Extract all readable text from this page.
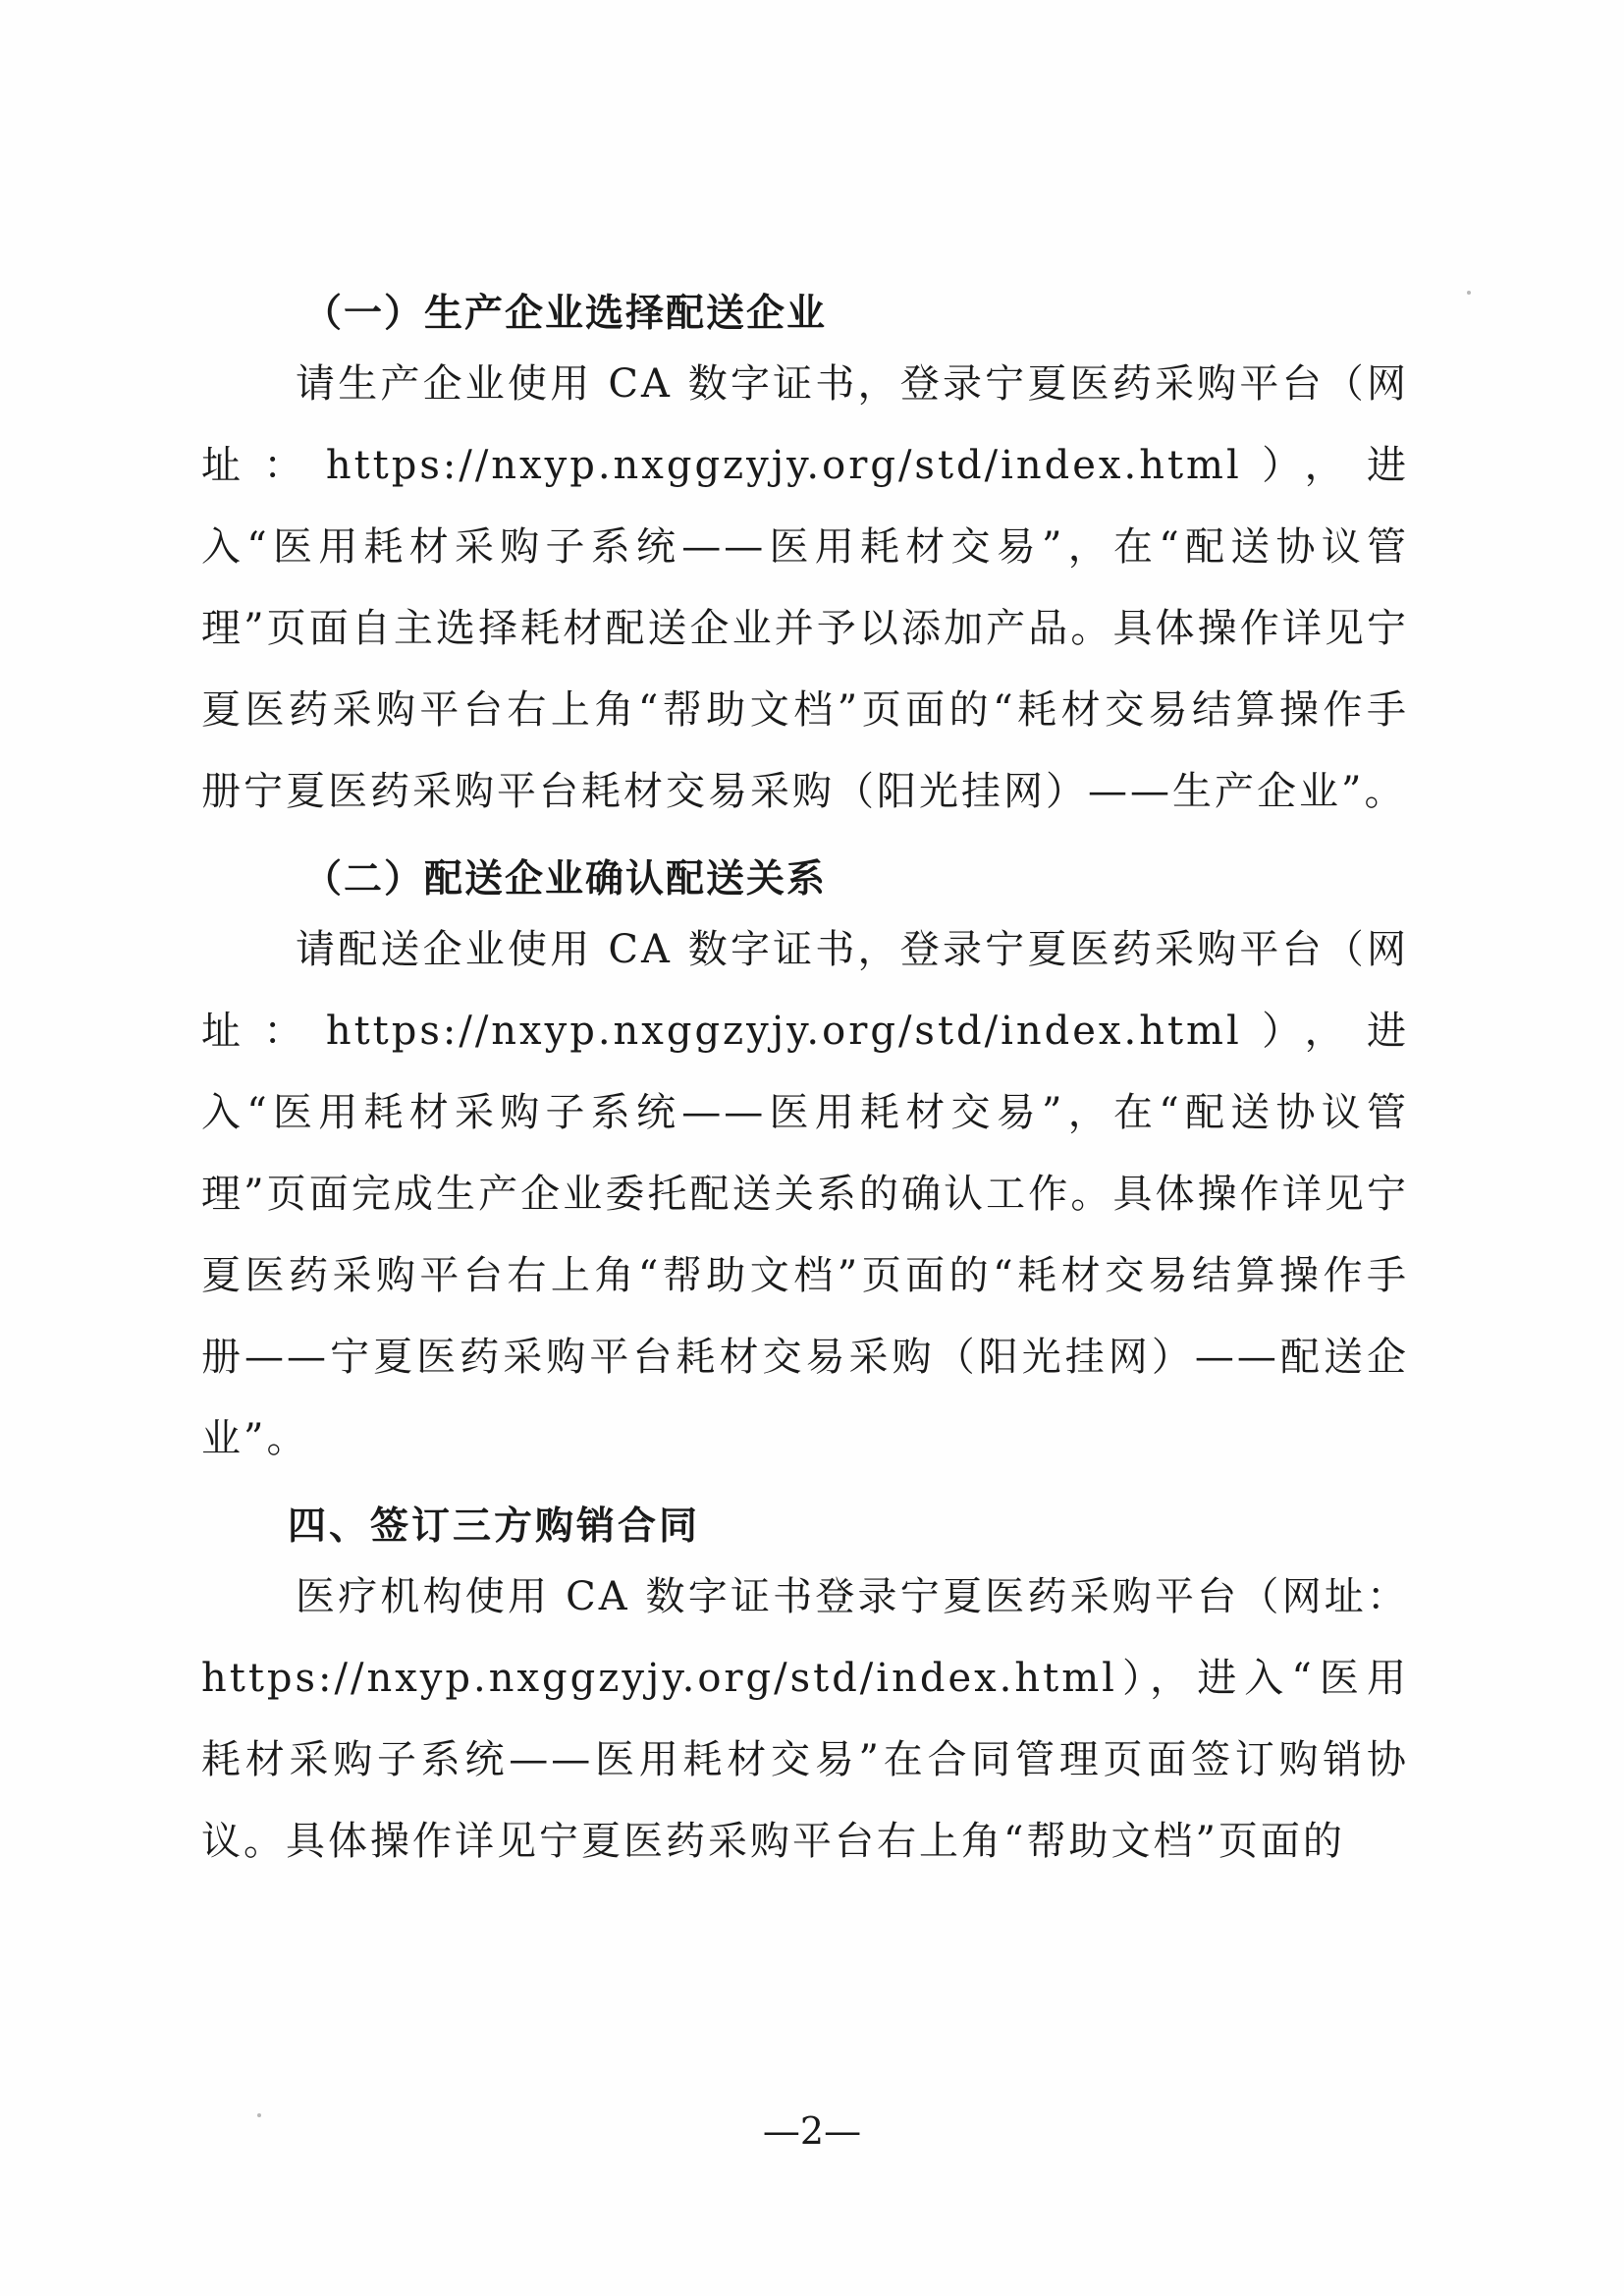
（一）生产企业选择配送企业

请生产企业使用 CA 数字证书，登录宁夏医药采购平台（网址：https://nxyp.nxggzyjy.org/std/index.html），进入“医用耗材采购子系统——医用耗材交易”，在“配送协议管理”页面自主选择耗材配送企业并予以添加产品。具体操作详见宁夏医药采购平台右上角“帮助文档”页面的“耗材交易结算操作手册宁夏医药采购平台耗材交易采购（阳光挂网）——生产企业”。

（二）配送企业确认配送关系

请配送企业使用 CA 数字证书，登录宁夏医药采购平台（网址：https://nxyp.nxggzyjy.org/std/index.html），进入“医用耗材采购子系统——医用耗材交易”，在“配送协议管理”页面完成生产企业委托配送关系的确认工作。具体操作详见宁夏医药采购平台右上角“帮助文档”页面的“耗材交易结算操作手册——宁夏医药采购平台耗材交易采购（阳光挂网）——配送企业”。

四、签订三方购销合同

医疗机构使用 CA 数字证书登录宁夏医药采购平台（网址：https://nxyp.nxggzyjy.org/std/index.html），进入“医用耗材采购子系统——医用耗材交易”在合同管理页面签订购销协议。具体操作详见宁夏医药采购平台右上角“帮助文档”页面的

—2—
